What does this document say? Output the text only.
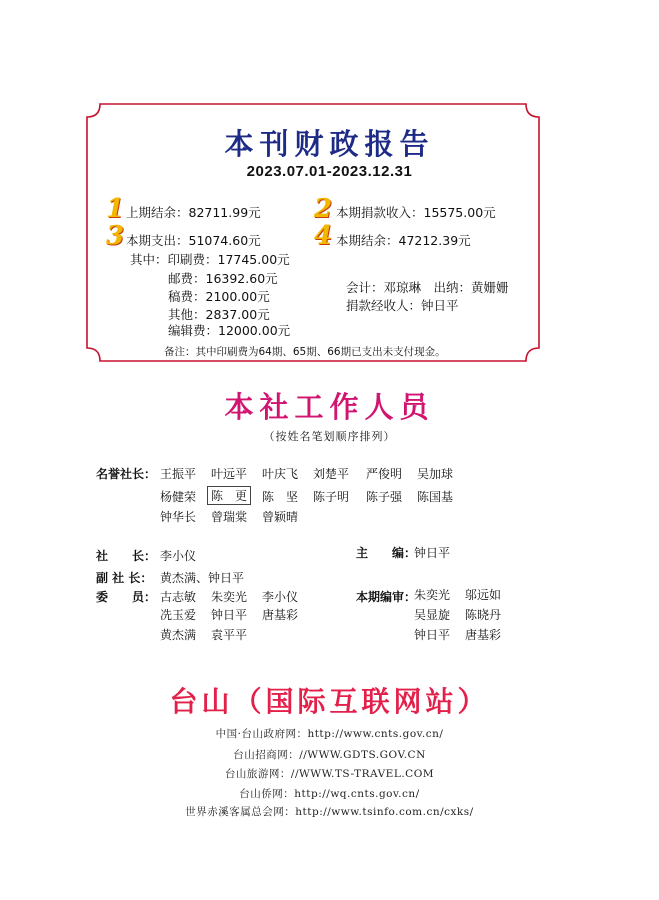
本刊财政报告
2023.07.01-2023.12.31
1 上期结余：82711.99元 2 本期捐款收入：15575.00元
3 本期支出：51074.60元 4 本期结余：47212.39元
其中：印刷费：17745.00元
邮费：16392.60元
稿费：2100.00元
其他：2837.00元
编辑费：12000.00元
会计：邓琼琳　出纳：黄姗姗
捐款经收人：钟日平
备注：其中印刷费为64期、65期、66期已支出未支付现金。
本社工作人员
（按姓名笔划顺序排列）
名誉社长： 王振平 叶远平 叶庆飞 刘楚平 严俊明 吴加球
杨健荣	陈　更	陈　坚 陈子明 陈子强 陈国基
钟华长 曾瑞棠 曾颖晴
社　　长： 李小仪	主　　编：
钟日平
副 社 长： 黄杰满、钟日平
委　　员： 古志敏 朱奕光 李小仪
冼玉爱 钟日平 唐基彩
黄杰满 袁平平
本期编审：
朱奕光 邬远如
吴显旋 陈晓丹
钟日平 唐基彩
台山（国际互联网站）
中国·台山政府网：http://www.cnts.gov.cn/
台山招商网：//WWW.GDTS.GOV.CN
台山旅游网：//WWW.TS-TRAVEL.COM
台山侨网：http://wq.cnts.gov.cn/
世界赤溪客属总会网：http://www.tsinfo.com.cn/cxks/
